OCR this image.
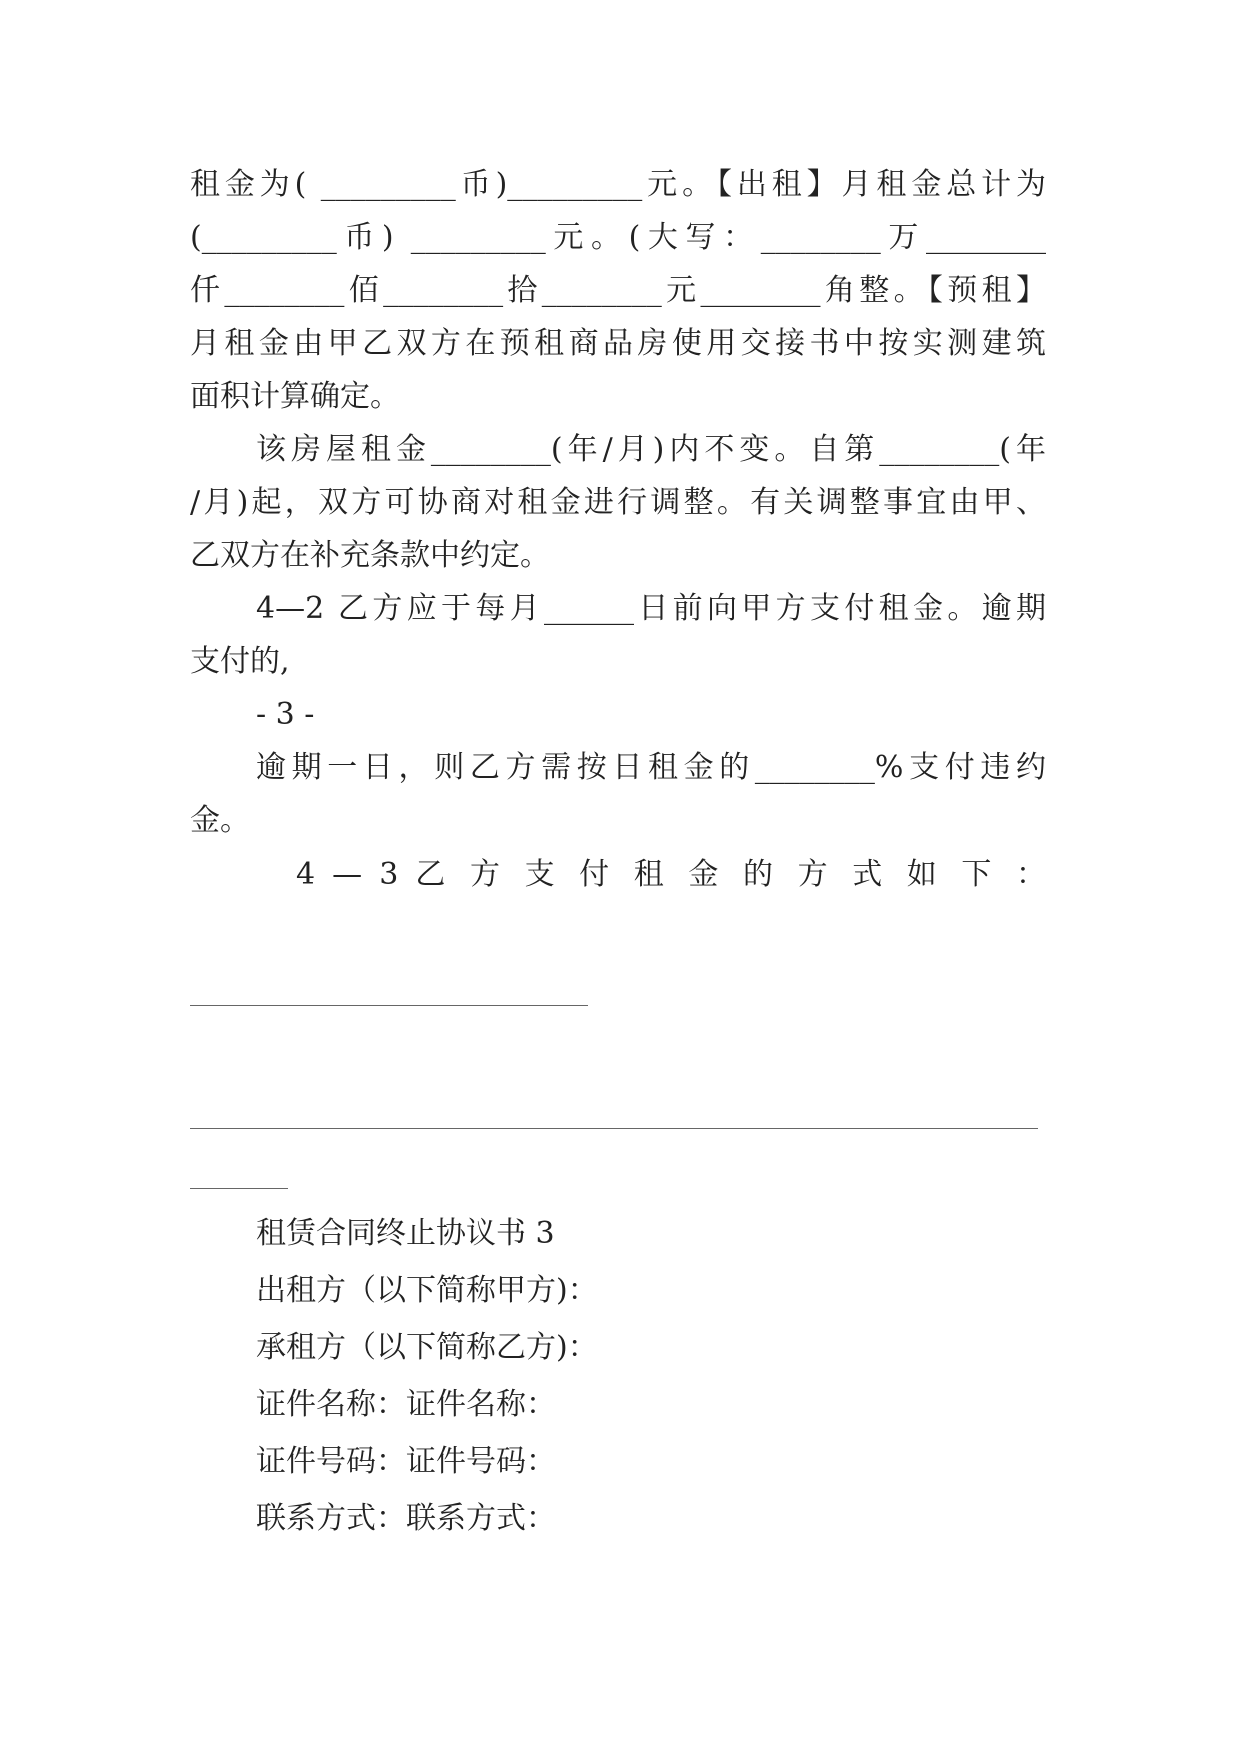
租金为( _________币)_________元。【出租】月租金总计为
(_________币) _________元。(大写：________万________
仟________佰________拾________元________角整。【预租】
月租金由甲乙双方在预租商品房使用交接书中按实测建筑
面积计算确定。
该房屋租金________(年/月)内不变。自第________(年
/月)起，双方可协商对租金进行调整。有关调整事宜由甲、
乙双方在补充条款中约定。
4—2 乙方应于每月______日前向甲方支付租金。逾期
支付的,
- 3 -
逾期一日，则乙方需按日租金的________%支付违约
金。
4 — 3 乙 方 支 付 租 金 的 方 式 如 下 ：
租赁合同终止协议书 3
出租方（以下简称甲方)：
承租方（以下简称乙方)：
证件名称：证件名称：
证件号码：证件号码：
联系方式：联系方式：
